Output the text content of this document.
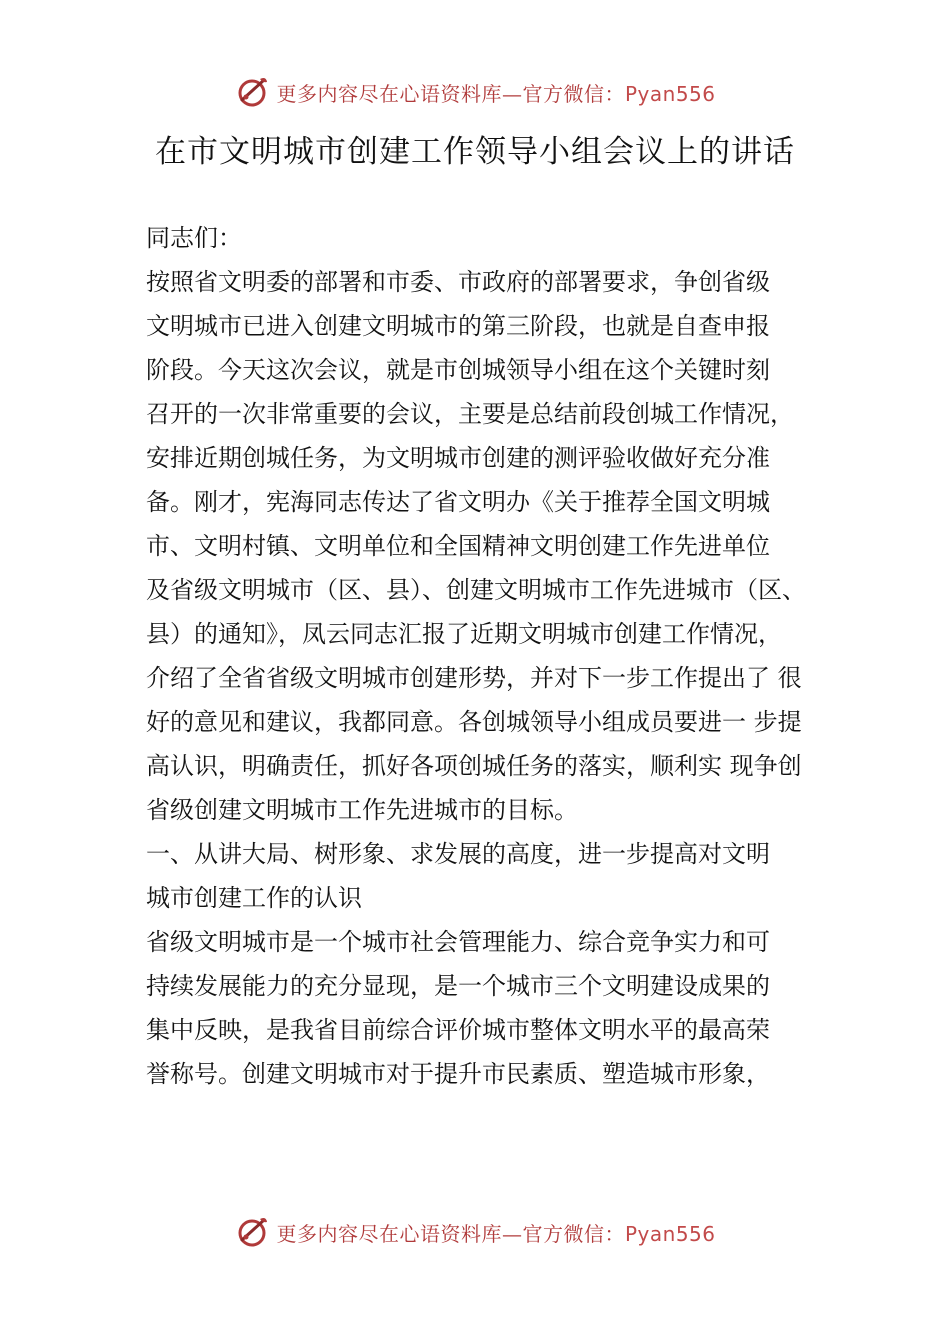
更多内容尽在心语资料库—官方微信：Pyan556
在市文明城市创建工作领导小组会议上的讲话
同志们：
按照省文明委的部署和市委、市政府的部署要求，争创省级
文明城市已进入创建文明城市的第三阶段，也就是自查申报
阶段。今天这次会议，就是市创城领导小组在这个关键时刻
召开的一次非常重要的会议，主要是总结前段创城工作情况，
安排近期创城任务，为文明城市创建的测评验收做好充分准
备。刚才，宪海同志传达了省文明办《关于推荐全国文明城
市、文明村镇、文明单位和全国精神文明创建工作先进单位
及省级文明城市（区、县）、创建文明城市工作先进城市（区、
县）的通知》，凤云同志汇报了近期文明城市创建工作情况，
介绍了全省省级文明城市创建形势，并对下一步工作提出了 很
好的意见和建议，我都同意。各创城领导小组成员要进一 步提
高认识，明确责任，抓好各项创城任务的落实，顺利实 现争创
省级创建文明城市工作先进城市的目标。
一、从讲大局、树形象、求发展的高度，进一步提高对文明
城市创建工作的认识
省级文明城市是一个城市社会管理能力、综合竞争实力和可
持续发展能力的充分显现，是一个城市三个文明建设成果的
集中反映，是我省目前综合评价城市整体文明水平的最高荣
誉称号。创建文明城市对于提升市民素质、塑造城市形象，
更多内容尽在心语资料库—官方微信：Pyan556
